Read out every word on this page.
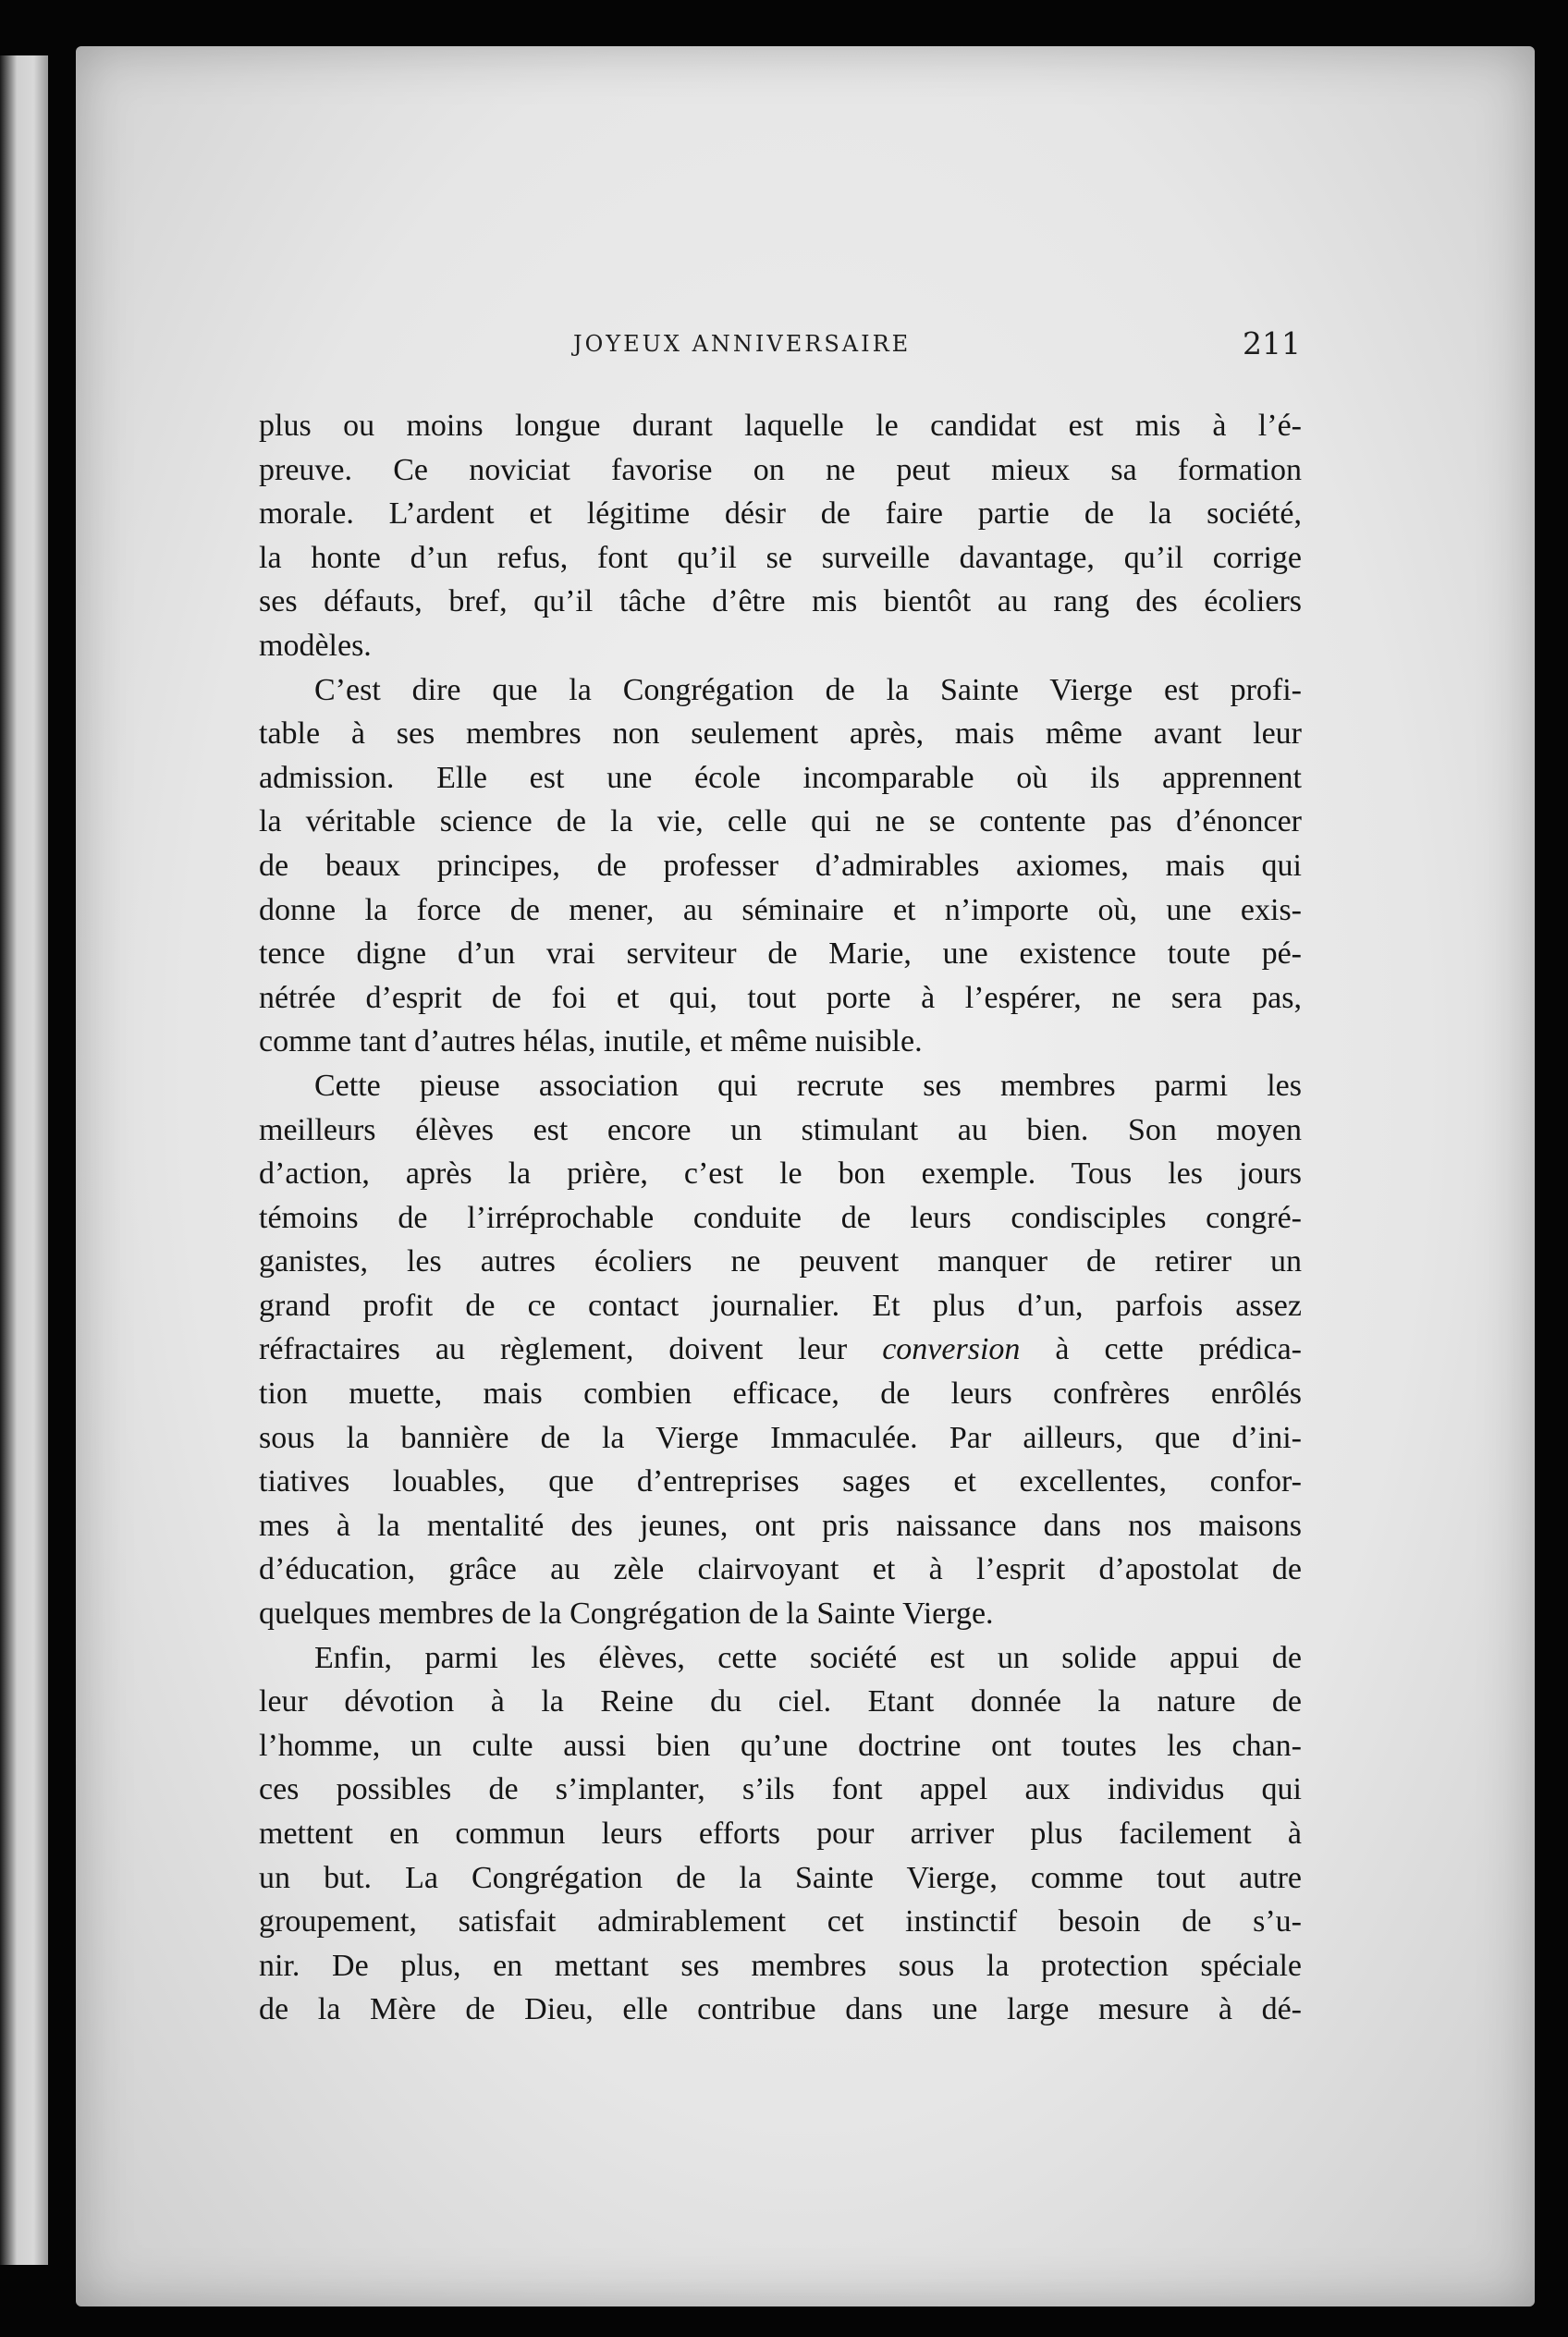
JOYEUX ANNIVERSAIRE	211
plus ou moins longue durant laquelle le candidat est mis à l’é-
preuve. Ce noviciat favorise on ne peut mieux sa formation
morale. L’ardent et légitime désir de faire partie de la société,
la honte d’un refus, font qu’il se surveille davantage, qu’il corrige
ses défauts, bref, qu’il tâche d’être mis bientôt au rang des écoliers
modèles.
C’est dire que la Congrégation de la Sainte Vierge est profi-
table à ses membres non seulement après, mais même avant leur
admission. Elle est une école incomparable où ils apprennent
la véritable science de la vie, celle qui ne se contente pas d’énoncer
de beaux principes, de professer d’admirables axiomes, mais qui
donne la force de mener, au séminaire et n’importe où, une exis-
tence digne d’un vrai serviteur de Marie, une existence toute pé-
nétrée d’esprit de foi et qui, tout porte à l’espérer, ne sera pas,
comme tant d’autres hélas, inutile, et même nuisible.
Cette pieuse association qui recrute ses membres parmi les
meilleurs élèves est encore un stimulant au bien. Son moyen
d’action, après la prière, c’est le bon exemple. Tous les jours
témoins de l’irréprochable conduite de leurs condisciples congré-
ganistes, les autres écoliers ne peuvent manquer de retirer un
grand profit de ce contact journalier. Et plus d’un, parfois assez
réfractaires au règlement, doivent leur conversion à cette prédica-
tion muette, mais combien efficace, de leurs confrères enrôlés
sous la bannière de la Vierge Immaculée. Par ailleurs, que d’ini-
tiatives louables, que d’entreprises sages et excellentes, confor-
mes à la mentalité des jeunes, ont pris naissance dans nos maisons
d’éducation, grâce au zèle clairvoyant et à l’esprit d’apostolat de
quelques membres de la Congrégation de la Sainte Vierge.
Enfin, parmi les élèves, cette société est un solide appui de
leur dévotion à la Reine du ciel. Etant donnée la nature de
l’homme, un culte aussi bien qu’une doctrine ont toutes les chan-
ces possibles de s’implanter, s’ils font appel aux individus qui
mettent en commun leurs efforts pour arriver plus facilement à
un but. La Congrégation de la Sainte Vierge, comme tout autre
groupement, satisfait admirablement cet instinctif besoin de s’u-
nir. De plus, en mettant ses membres sous la protection spéciale
de la Mère de Dieu, elle contribue dans une large mesure à dé-
